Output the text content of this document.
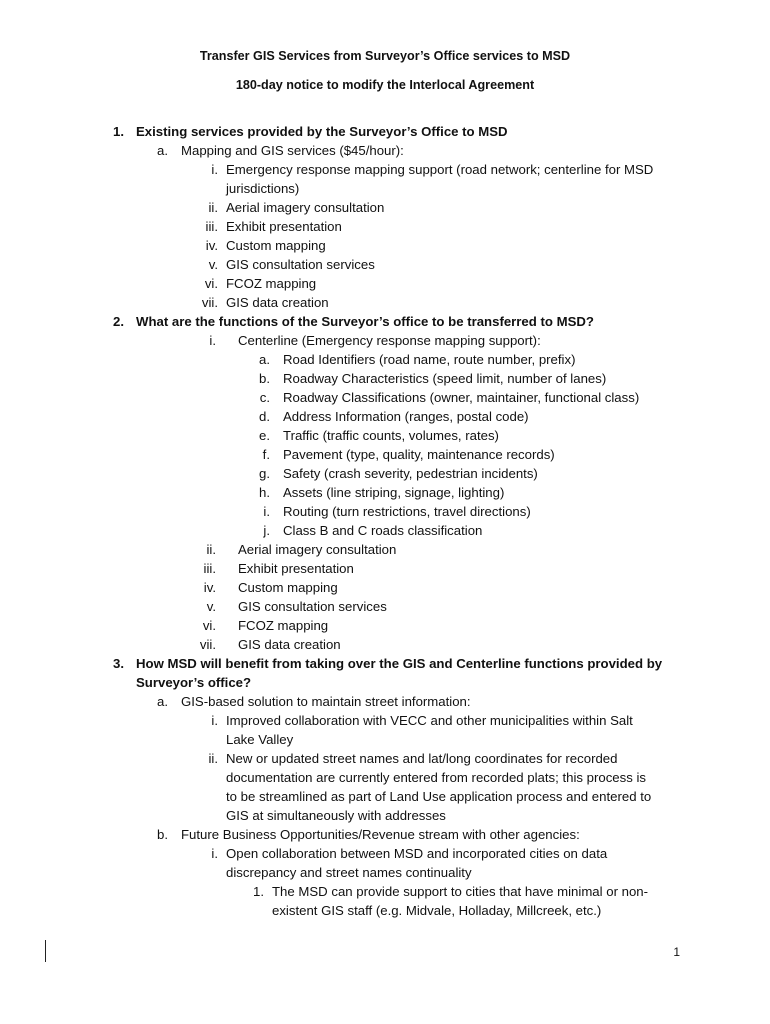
Transfer GIS Services from Surveyor’s Office services to MSD
180-day notice to modify the Interlocal Agreement
1. Existing services provided by the Surveyor’s Office to MSD
a. Mapping and GIS services ($45/hour):
i. Emergency response mapping support (road network; centerline for MSD
jurisdictions)
ii. Aerial imagery consultation
iii. Exhibit presentation
iv. Custom mapping
v. GIS consultation services
vi. FCOZ mapping
vii. GIS data creation
2. What are the functions of the Surveyor’s office to be transferred to MSD?
i. Centerline (Emergency response mapping support):
a. Road Identifiers (road name, route number, prefix)
b. Roadway Characteristics (speed limit, number of lanes)
c. Roadway Classifications (owner, maintainer, functional class)
d. Address Information (ranges, postal code)
e. Traffic (traffic counts, volumes, rates)
f. Pavement (type, quality, maintenance records)
g. Safety (crash severity, pedestrian incidents)
h. Assets (line striping, signage, lighting)
i. Routing (turn restrictions, travel directions)
j. Class B and C roads classification
ii. Aerial imagery consultation
iii. Exhibit presentation
iv. Custom mapping
v. GIS consultation services
vi. FCOZ mapping
vii. GIS data creation
3. How MSD will benefit from taking over the GIS and Centerline functions provided by
Surveyor’s office?
a. GIS-based solution to maintain street information:
i. Improved collaboration with VECC and other municipalities within Salt
Lake Valley
ii. New or updated street names and lat/long coordinates for recorded
documentation are currently entered from recorded plats; this process is
to be streamlined as part of Land Use application process and entered to
GIS at simultaneously with addresses
b. Future Business Opportunities/Revenue stream with other agencies:
i. Open collaboration between MSD and incorporated cities on data
discrepancy and street names continuality
1. The MSD can provide support to cities that have minimal or non-
existent GIS staff (e.g. Midvale, Holladay, Millcreek, etc.)
1
